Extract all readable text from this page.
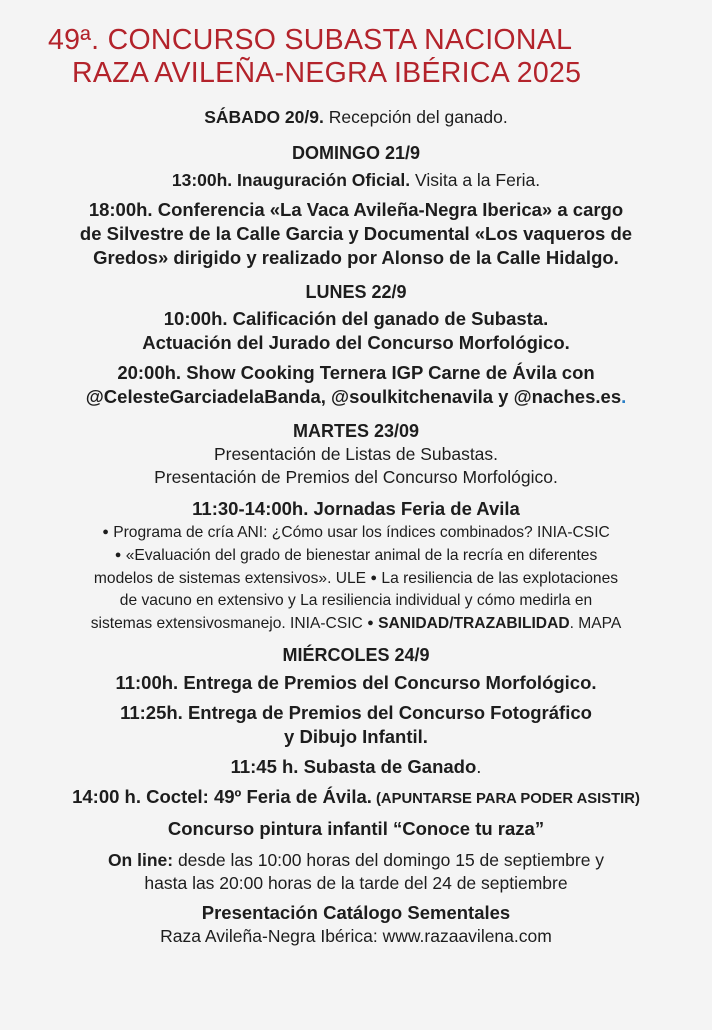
49ª. CONCURSO SUBASTA NACIONAL
RAZA AVILEÑA-NEGRA IBÉRICA 2025
SÁBADO 20/9. Recepción del ganado.
DOMINGO 21/9
13:00h. Inauguración Oficial. Visita a la Feria.
18:00h. Conferencia «La Vaca Avileña-Negra Iberica» a cargo
de Silvestre de la Calle Garcia y Documental «Los vaqueros de
Gredos» dirigido y realizado por Alonso de la Calle Hidalgo.
LUNES 22/9
10:00h. Calificación del ganado de Subasta.
Actuación del Jurado del Concurso Morfológico.
20:00h. Show Cooking Ternera IGP Carne de Ávila con
@CelesteGarciadelaBanda, @soulkitchenavila y @naches.es.
MARTES 23/09
Presentación de Listas de Subastas.
Presentación de Premios del Concurso Morfológico.
11:30-14:00h. Jornadas Feria de Avila
● Programa de cría ANI: ¿Cómo usar los índices combinados? INIA-CSIC
● «Evaluación del grado de bienestar animal de la recría en diferentes
modelos de sistemas extensivos». ULE ● La resiliencia de las explotaciones
de vacuno en extensivo y La resiliencia individual y cómo medirla en
sistemas extensivosmanejo. INIA-CSIC ● SANIDAD/TRAZABILIDAD. MAPA
MIÉRCOLES 24/9
11:00h. Entrega de Premios del Concurso Morfológico.
11:25h. Entrega de Premios del Concurso Fotográfico
y Dibujo Infantil.
11:45 h. Subasta de Ganado.
14:00 h. Coctel: 49º Feria de Ávila. (APUNTARSE PARA PODER ASISTIR)
Concurso pintura infantil “Conoce tu raza”
On line: desde las 10:00 horas del domingo 15 de septiembre y
hasta las 20:00 horas de la tarde del 24 de septiembre
Presentación Catálogo Sementales
Raza Avileña-Negra Ibérica: www.razaavilena.com
